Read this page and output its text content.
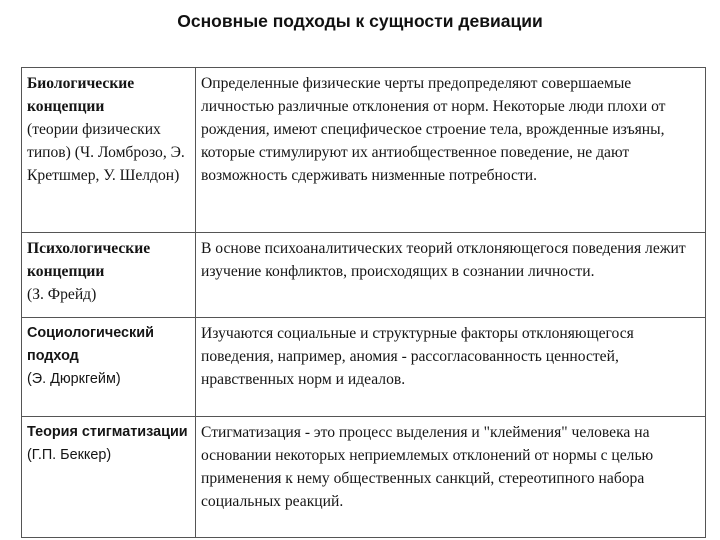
Основные подходы к сущности девиации
Биологические концепции
(теории физических типов) (Ч. Ломброзо, Э. Кретшмер, У. Шелдон)	Определенные физические черты предопределяют совершаемые личностью различные отклонения от норм. Некоторые люди плохи от рождения, имеют специфическое строение тела, врожденные изъяны, которые стимулируют их антиобщественное поведение, не дают возможность сдерживать низменные потребности.

Психологические концепции
(З. Фрейд)	В основе психоаналитических теорий отклоняющегося поведения лежит изучение конфликтов, происходящих в сознании личности.

Социологический подход
(Э. Дюркгейм)	Изучаются социальные и структурные факторы отклоняющегося поведения, например, аномия - рассогласованность ценностей, нравственных норм и идеалов.

Теория стигматизации
(Г.П. Беккер)	Стигматизация - это процесс выделения и "клеймения" человека на основании некоторых неприемлемых отклонений от нормы с целью применения к нему общественных санкций, стереотипного набора социальных реакций.
